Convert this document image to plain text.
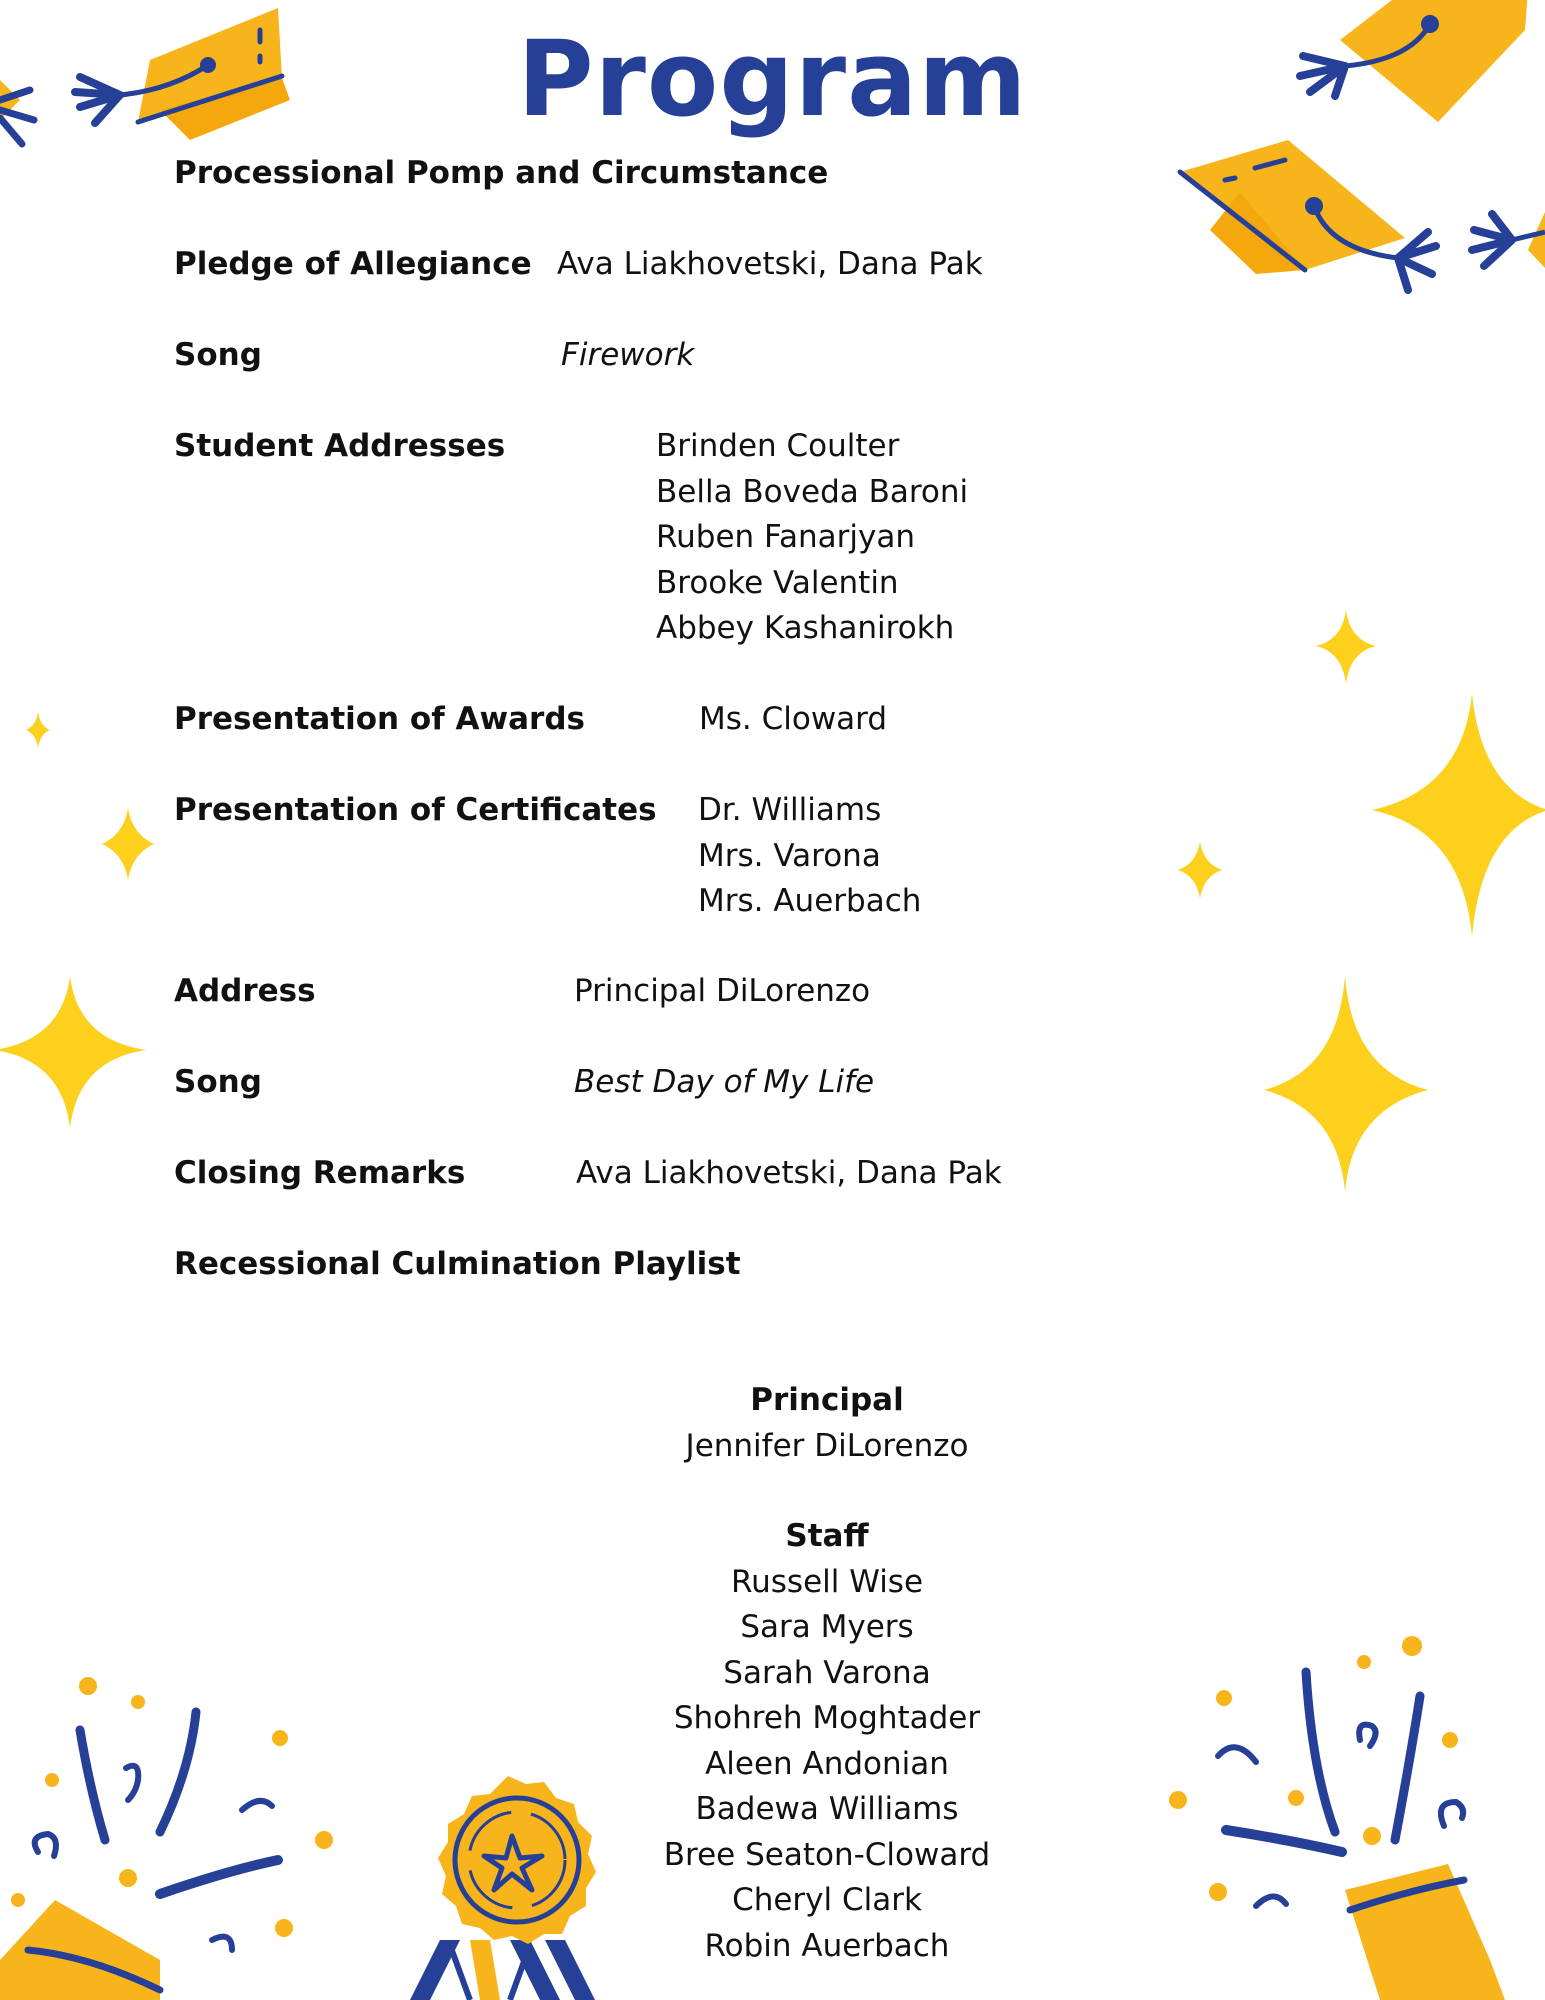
Program
Processional Pomp and Circumstance
Pledge of Allegiance Ava Liakhovetski, Dana Pak
Song	Firework
Student Addresses	Brinden Coulter
Bella Boveda Baroni
Ruben Fanarjyan
Brooke Valentin
Abbey Kashanirokh
Presentation of Awards	Ms. Cloward
Presentation of Certificates Dr. Williams
Mrs. Varona
Mrs. Auerbach
Address	Principal DiLorenzo
Song	Best Day of My Life
Closing Remarks	Ava Liakhovetski, Dana Pak
Recessional Culmination Playlist
Principal
Jennifer DiLorenzo
Staff
Russell Wise
Sara Myers
Sarah Varona
Shohreh Moghtader
Aleen Andonian
Badewa Williams
Bree Seaton-Cloward
Cheryl Clark
Robin Auerbach
